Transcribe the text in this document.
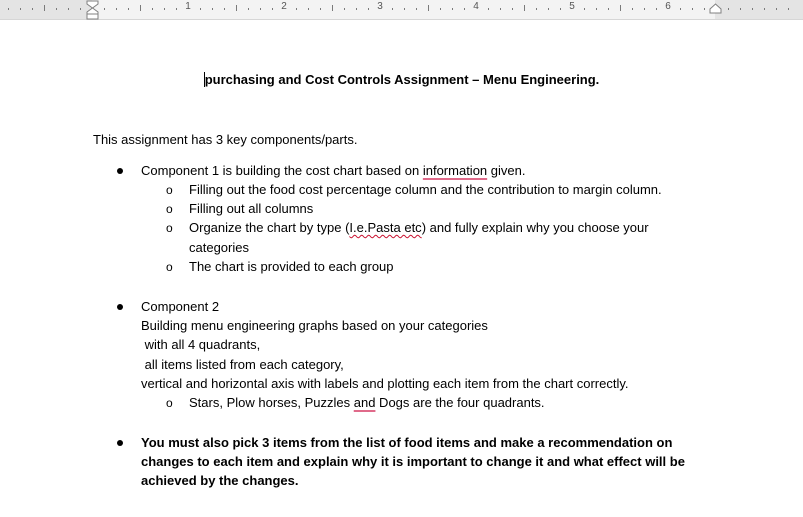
1	2	3	4	5	6
purchasing and Cost Controls Assignment – Menu Engineering.
This assignment has 3 key components/parts.
Component 1 is building the cost chart based on information given.
o Filling out the food cost percentage column and the contribution to margin column.
o Filling out all columns
o Organize the chart by type (I.e.Pasta etc) and fully explain why you choose your
categories
o The chart is provided to each group
Component 2
Building menu engineering graphs based on your categories
with all 4 quadrants,
all items listed from each category,
vertical and horizontal axis with labels and plotting each item from the chart correctly.
o Stars, Plow horses, Puzzles and Dogs are the four quadrants.
You must also pick 3 items from the list of food items and make a recommendation on
changes to each item and explain why it is important to change it and what effect will be
achieved by the changes.
